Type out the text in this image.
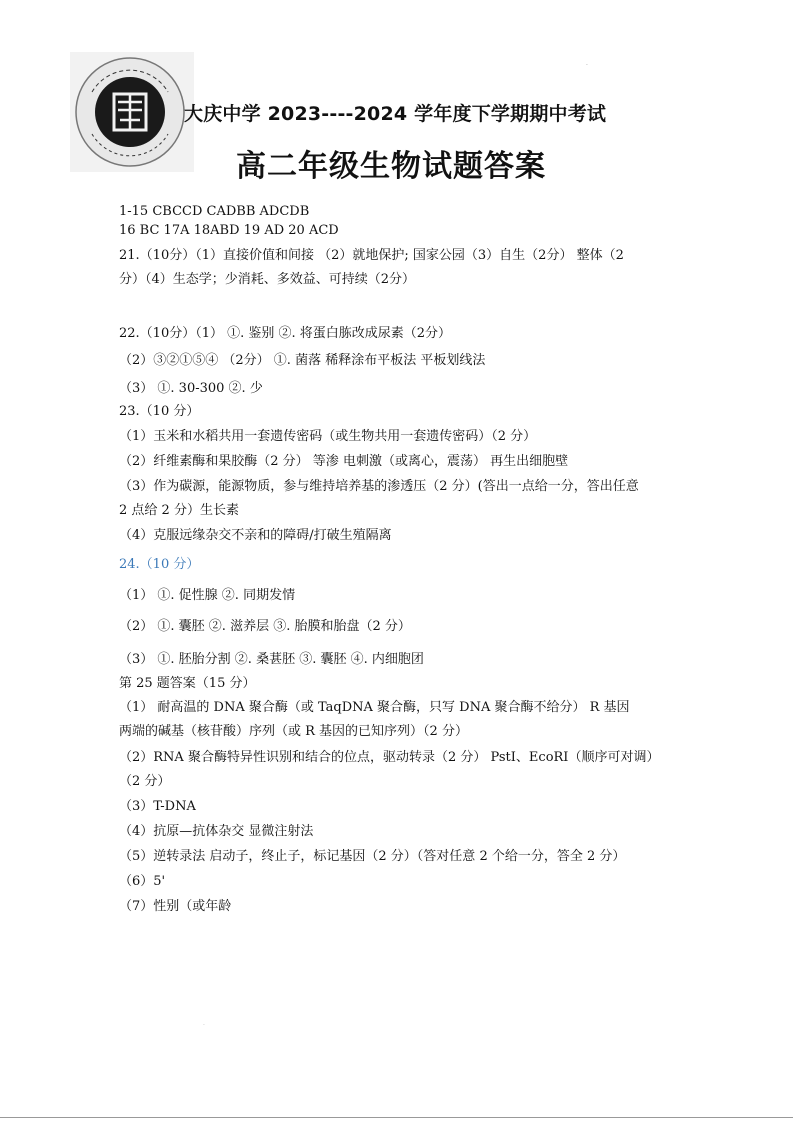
大庆中学 2023----2024 学年度下学期期中考试
高二年级生物试题答案
·
1-15 CBCCD CADBB ADCDB
16 BC 17A 18ABD 19 AD 20 ACD
21.（10分）（1）直接价值和间接 （2）就地保护; 国家公园（3）自生（2分） 整体（2
分）（4）生态学；少消耗、多效益、可持续（2分）
22.（10分）（1） ①. 鉴别 ②. 将蛋白胨改成尿素（2分）
（2）③②①⑤④ （2分） ①. 菌落 稀释涂布平板法 平板划线法
（3） ①. 30-300 ②. 少
23.（10 分）
（1）玉米和水稻共用一套遗传密码（或生物共用一套遗传密码）（2 分）
（2）纤维素酶和果胶酶（2 分） 等渗 电刺激（或离心，震荡） 再生出细胞壁
（3）作为碳源，能源物质，参与维持培养基的渗透压（2 分）(答出一点给一分，答出任意
2 点给 2 分）生长素
（4）克服远缘杂交不亲和的障碍/打破生殖隔离
24.（10 分）
（1） ①. 促性腺 ②. 同期发情
（2） ①. 囊胚 ②. 滋养层 ③. 胎膜和胎盘（2 分）
（3） ①. 胚胎分割 ②. 桑葚胚 ③. 囊胚 ④. 内细胞团
第 25 题答案（15 分）
（1） 耐高温的 DNA 聚合酶（或 TaqDNA 聚合酶，只写 DNA 聚合酶不给分） R 基因
两端的碱基（核苷酸）序列（或 R 基因的已知序列）（2 分）
（2）RNA 聚合酶特异性识别和结合的位点，驱动转录（2 分） PstI、EcoRI（顺序可对调）
（2 分）
（3）T-DNA
（4）抗原—抗体杂交 显微注射法
（5）逆转录法 启动子，终止子，标记基因（2 分）（答对任意 2 个给一分，答全 2 分）
（6）5'
（7）性别（或年龄
·
